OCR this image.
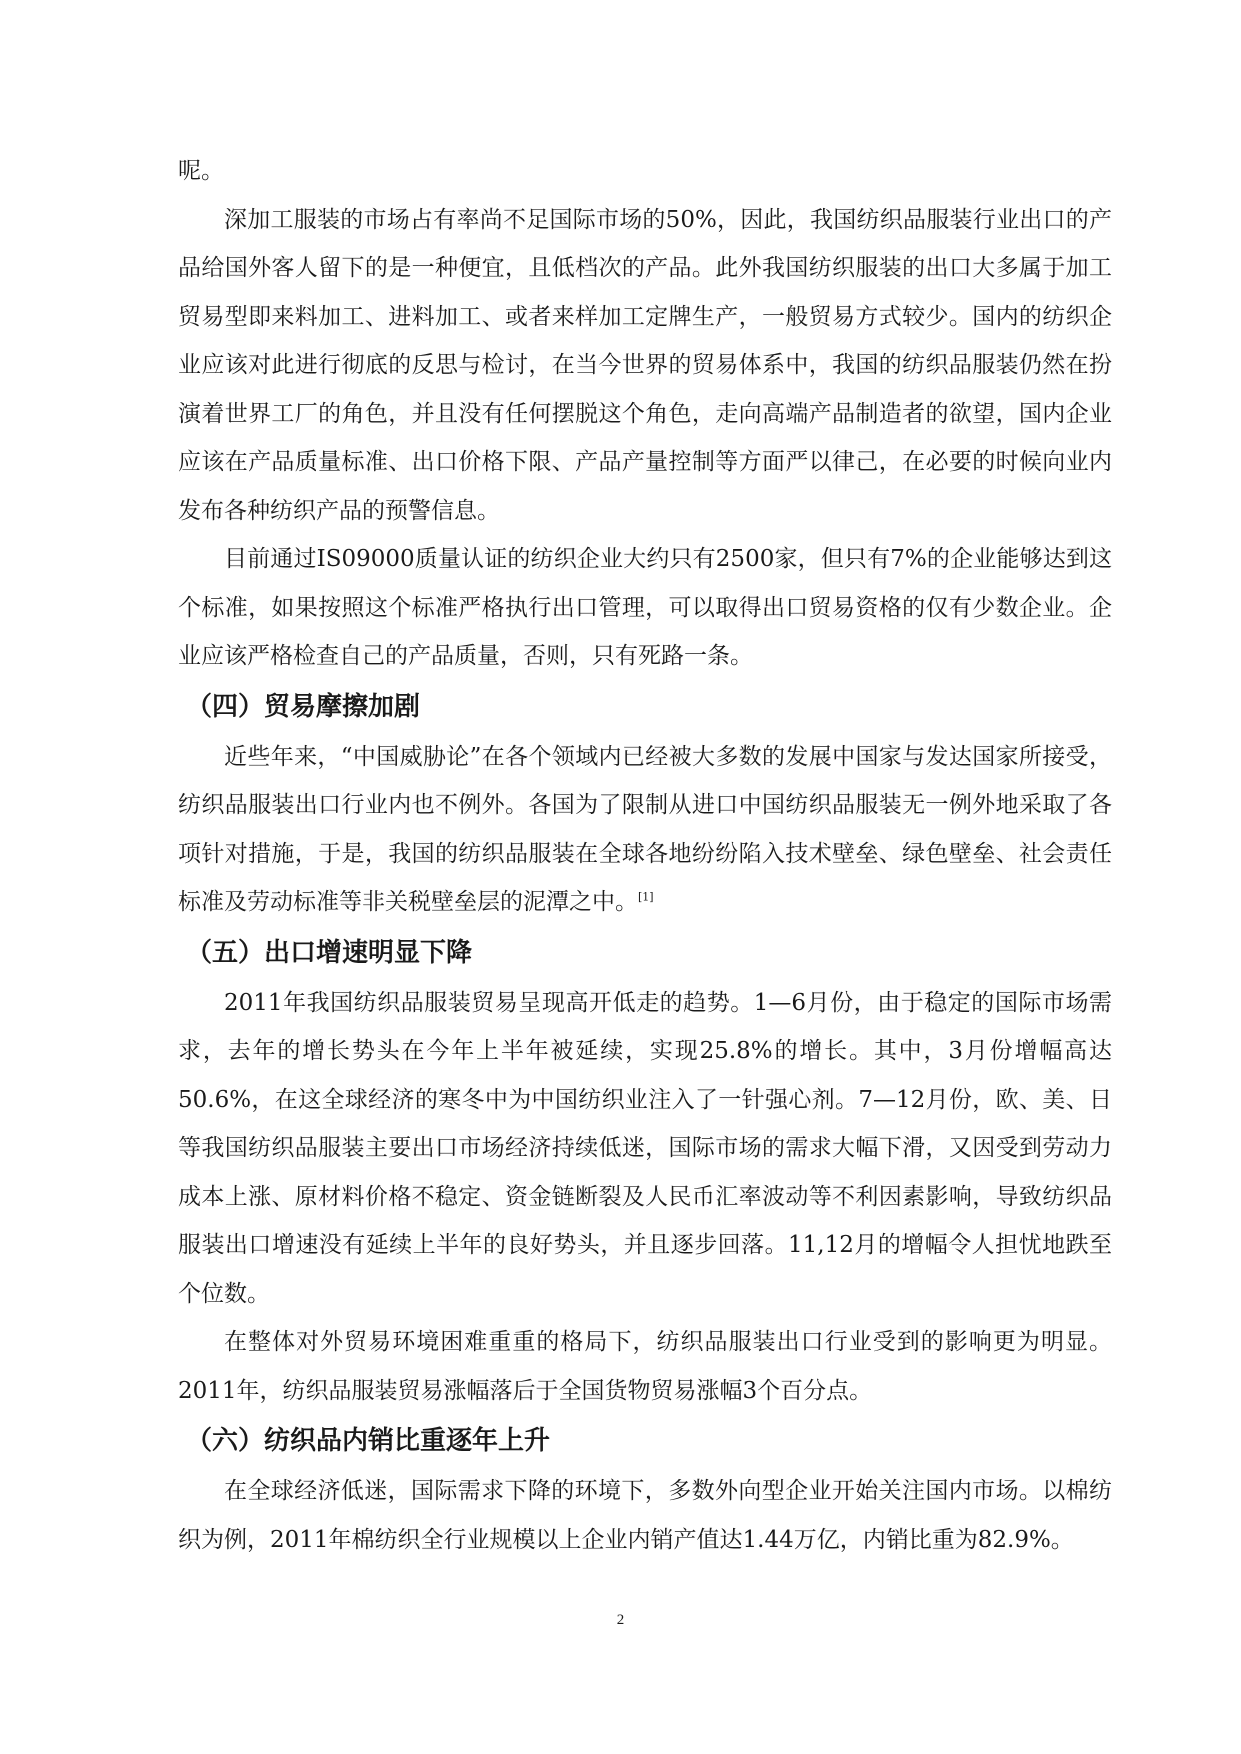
呢。

深加工服装的市场占有率尚不足国际市场的50%，因此，我国纺织品服装行业出口的产品给国外客人留下的是一种便宜，且低档次的产品。此外我国纺织服装的出口大多属于加工贸易型即来料加工、进料加工、或者来样加工定牌生产，一般贸易方式较少。国内的纺织企业应该对此进行彻底的反思与检讨，在当今世界的贸易体系中，我国的纺织品服装仍然在扮演着世界工厂的角色，并且没有任何摆脱这个角色，走向高端产品制造者的欲望，国内企业应该在产品质量标准、出口价格下限、产品产量控制等方面严以律己，在必要的时候向业内发布各种纺织产品的预警信息。

目前通过IS09000质量认证的纺织企业大约只有2500家，但只有7%的企业能够达到这个标准，如果按照这个标准严格执行出口管理，可以取得出口贸易资格的仅有少数企业。企业应该严格检查自己的产品质量，否则，只有死路一条。

（四）贸易摩擦加剧

近些年来，“中国威胁论”在各个领域内已经被大多数的发展中国家与发达国家所接受，纺织品服装出口行业内也不例外。各国为了限制从进口中国纺织品服装无一例外地采取了各项针对措施，于是，我国的纺织品服装在全球各地纷纷陷入技术壁垒、绿色壁垒、社会责任标准及劳动标准等非关税壁垒层的泥潭之中。[1]

（五）出口增速明显下降

2011年我国纺织品服装贸易呈现高开低走的趋势。1—6月份，由于稳定的国际市场需求，去年的增长势头在今年上半年被延续，实现25.8%的增长。其中，3月份增幅高达50.6%，在这全球经济的寒冬中为中国纺织业注入了一针强心剂。7—12月份，欧、美、日等我国纺织品服装主要出口市场经济持续低迷，国际市场的需求大幅下滑，又因受到劳动力成本上涨、原材料价格不稳定、资金链断裂及人民币汇率波动等不利因素影响，导致纺织品服装出口增速没有延续上半年的良好势头，并且逐步回落。11,12月的增幅令人担忧地跌至个位数。

在整体对外贸易环境困难重重的格局下，纺织品服装出口行业受到的影响更为明显。2011年，纺织品服装贸易涨幅落后于全国货物贸易涨幅3个百分点。

（六）纺织品内销比重逐年上升

在全球经济低迷，国际需求下降的环境下，多数外向型企业开始关注国内市场。以棉纺织为例，2011年棉纺织全行业规模以上企业内销产值达1.44万亿，内销比重为82.9%。

2
